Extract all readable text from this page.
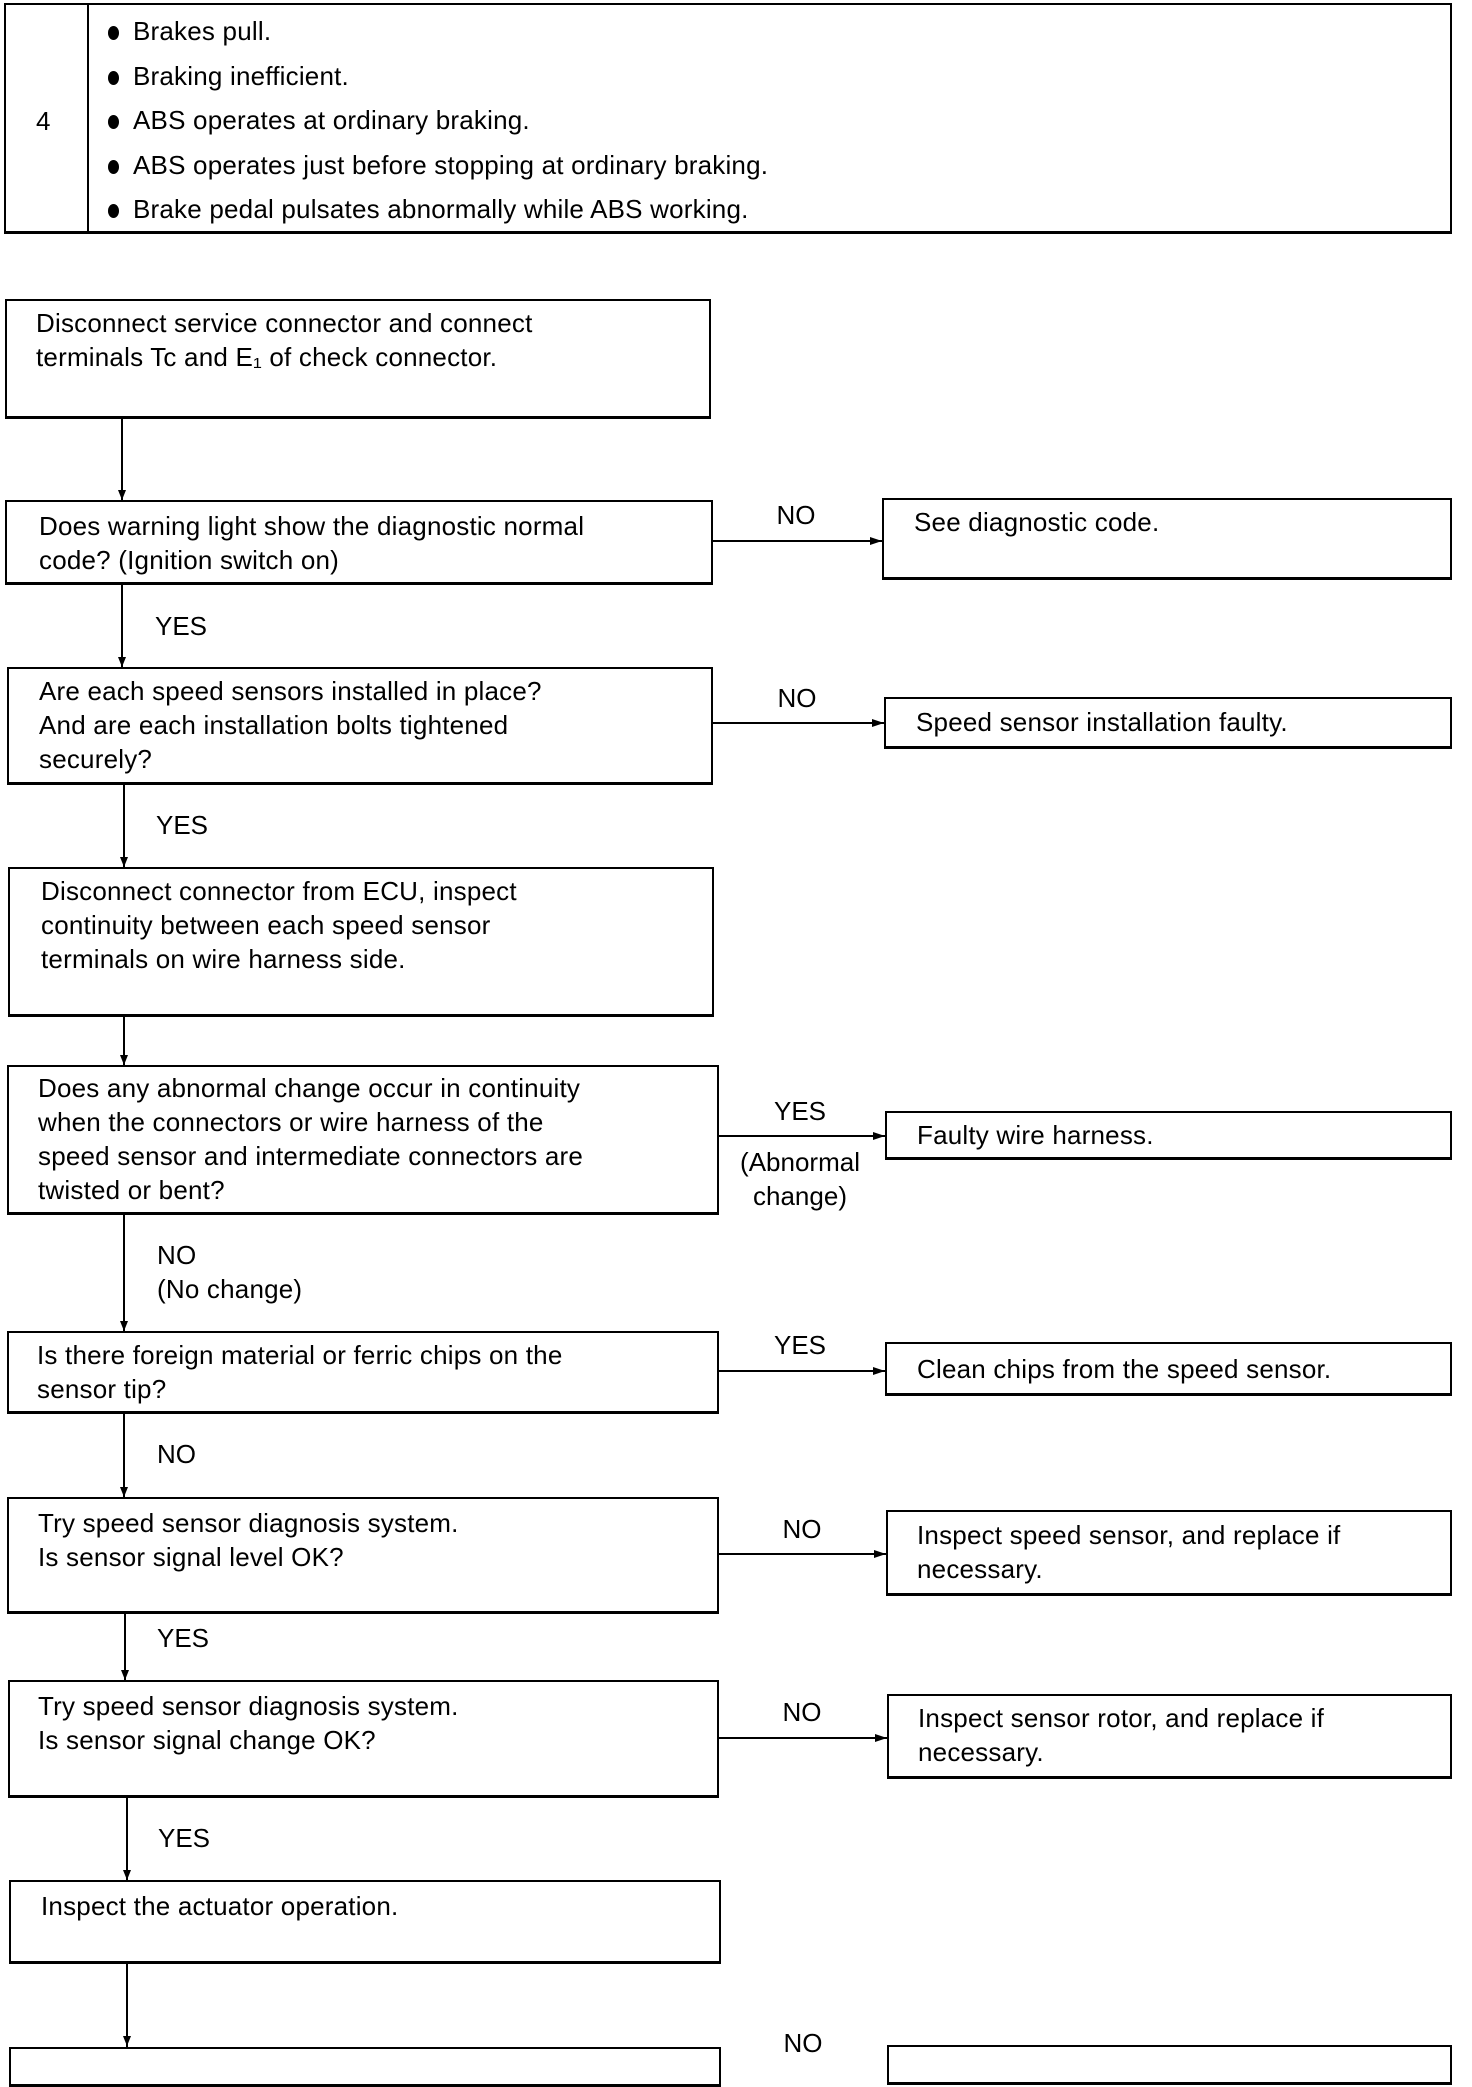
4
Brakes pull.
Braking inefficient.
ABS operates at ordinary braking.
ABS operates just before stopping at ordinary braking.
Brake pedal pulsates abnormally while ABS working.
Disconnect service connector and connect
terminals Tc and E₁ of check connector.
Does warning light show the diagnostic normal
code? (Ignition switch on)
NO	See diagnostic code.
YES
Are each speed sensors installed in place?
And are each installation bolts tightened
securely?
NO
Speed sensor installation faulty.
YES
Disconnect connector from ECU, inspect
continuity between each speed sensor
terminals on wire harness side.
Does any abnormal change occur in continuity
when the connectors or wire harness of the
speed sensor and intermediate connectors are
twisted or bent?
YES
(Abnormal
change)
Faulty wire harness.
NO
(No change)
Is there foreign material or ferric chips on the
sensor tip?
YES
Clean chips from the speed sensor.
NO
Try speed sensor diagnosis system.
Is sensor signal level OK?
NO	Inspect speed sensor, and replace if
necessary.
YES
Try speed sensor diagnosis system.
Is sensor signal change OK?
NO	Inspect sensor rotor, and replace if
necessary.
YES
Inspect the actuator operation.
NO
